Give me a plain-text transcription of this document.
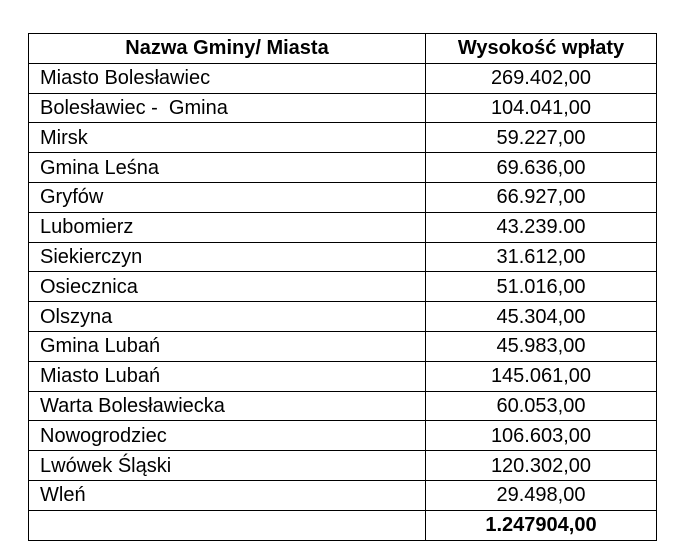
Nazwa Gminy/ Miasta	Wysokość wpłaty
Miasto Bolesławiec	269.402,00
Bolesławiec -  Gmina	104.041,00
Mirsk	59.227,00
Gmina Leśna	69.636,00
Gryfów	66.927,00
Lubomierz	43.239.00
Siekierczyn	31.612,00
Osiecznica	51.016,00
Olszyna	45.304,00
Gmina Lubań	45.983,00
Miasto Lubań	145.061,00
Warta Bolesławiecka	60.053,00
Nowogrodziec	106.603,00
Lwówek Śląski	120.302,00
Wleń	29.498,00
	1.247904,00
